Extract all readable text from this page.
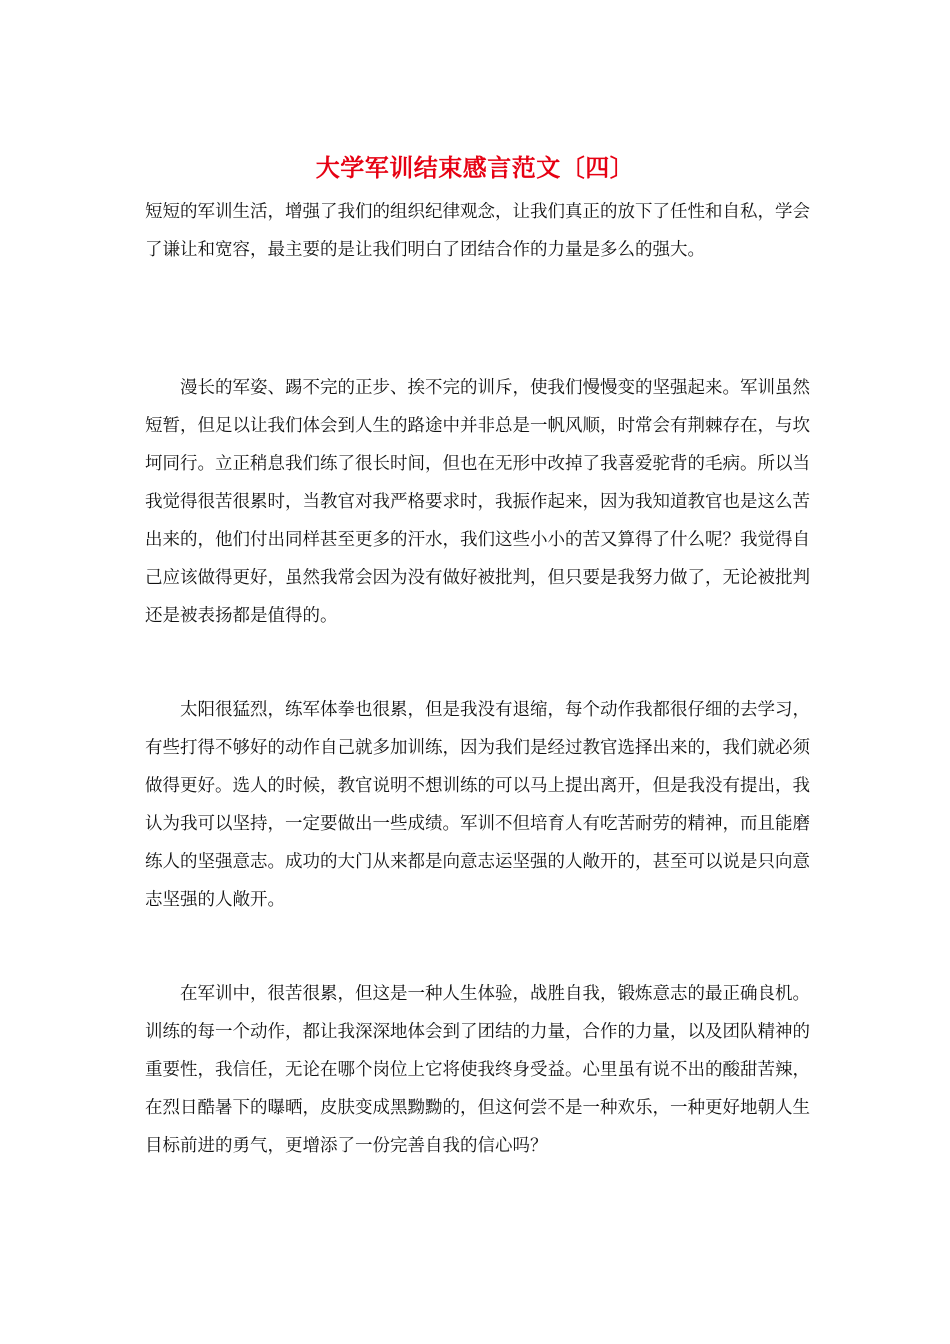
大学军训结束感言范文〔四〕

短短的军训生活，增强了我们的组织纪律观念，让我们真正的放下了任性和自私，学会了谦让和宽容，最主要的是让我们明白了团结合作的力量是多么的强大。

漫长的军姿、踢不完的正步、挨不完的训斥，使我们慢慢变的坚强起来。军训虽然短暂，但足以让我们体会到人生的路途中并非总是一帆风顺，时常会有荆棘存在，与坎坷同行。立正稍息我们练了很长时间，但也在无形中改掉了我喜爱驼背的毛病。所以当我觉得很苦很累时，当教官对我严格要求时，我振作起来，因为我知道教官也是这么苦出来的，他们付出同样甚至更多的汗水，我们这些小小的苦又算得了什么呢？我觉得自己应该做得更好，虽然我常会因为没有做好被批判，但只要是我努力做了，无论被批判还是被表扬都是值得的。

太阳很猛烈，练军体拳也很累，但是我没有退缩，每个动作我都很仔细的去学习，有些打得不够好的动作自己就多加训练，因为我们是经过教官选择出来的，我们就必须做得更好。选人的时候，教官说明不想训练的可以马上提出离开，但是我没有提出，我认为我可以坚持，一定要做出一些成绩。军训不但培育人有吃苦耐劳的精神，而且能磨练人的坚强意志。成功的大门从来都是向意志运坚强的人敞开的，甚至可以说是只向意志坚强的人敞开。

在军训中，很苦很累，但这是一种人生体验，战胜自我，锻炼意志的最正确良机。训练的每一个动作，都让我深深地体会到了团结的力量，合作的力量，以及团队精神的重要性，我信任，无论在哪个岗位上它将使我终身受益。心里虽有说不出的酸甜苦辣，在烈日酷暑下的曝晒，皮肤变成黑黝黝的，但这何尝不是一种欢乐，一种更好地朝人生目标前进的勇气，更增添了一份完善自我的信心吗？
